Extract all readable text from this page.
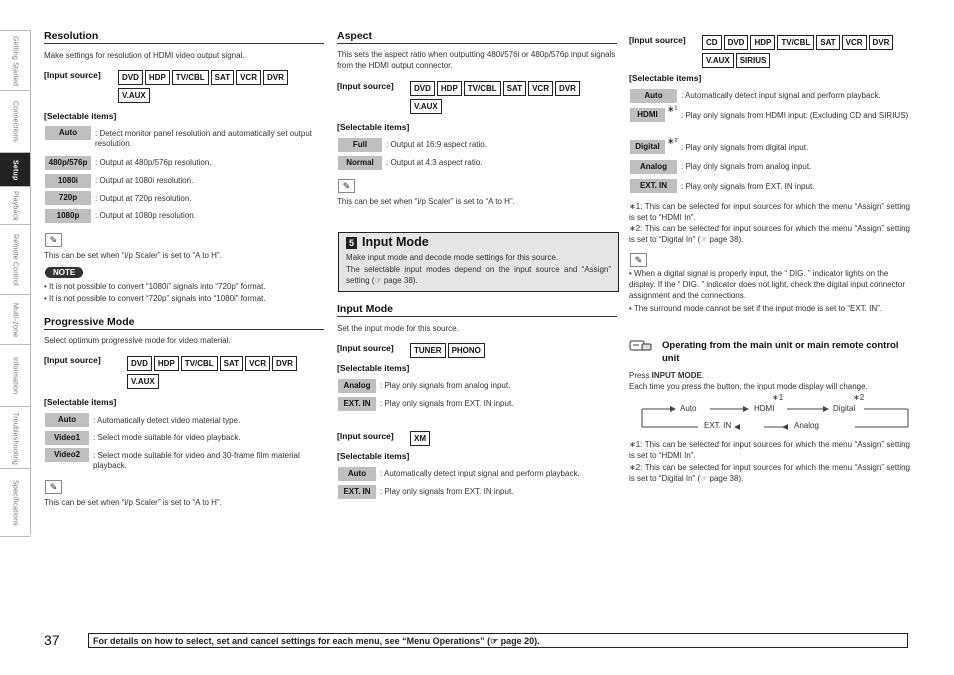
Getting Started
Connections
Setup
Playback
Remote Control
Multi-zone
Information
Troubleshooting
Specifications
Resolution
Make settings for resolution of HDMI video output signal.
[Input source]	DVD HDP TV/CBL SAT VCR DVR
V.AUX
[Selectable items]
Auto	: Detect monitor panel resolution and automatically set output resolution.
480p/576p : Output at 480p/576p resolution.
1080i	: Output at 1080i resolution.
720p	: Output at 720p resolution.
1080p	: Output at 1080p resolution.
✎
This can be set when “i/p Scaler” is set to “A to H”.
NOTE
• It is not possible to convert “1080i” signals into “720p” format.
• It is not possible to convert “720p” signals into “1080i” format.
Progressive Mode
Select optimum progressive mode for video material.
[Input source]	DVD HDP TV/CBL SAT VCR DVR
V.AUX
[Selectable items]
Auto	: Automatically detect video material type.
Video1	: Select mode suitable for video playback.
Video2	: Select mode suitable for video and 30-frame film material playback.
✎
This can be set when “i/p Scaler” is set to “A to H”.
Aspect
This sets the aspect ratio when outputting 480i/576i or 480p/576p input signals from the HDMI output connector.
[Input source]	DVD HDP TV/CBL SAT VCR DVR
V.AUX
[Selectable items]
Full	: Output at 16:9 aspect ratio.
Normal	: Output at 4:3 aspect ratio.
✎
This can be set when “i/p Scaler” is set to “A to H”.
5 Input Mode
Make input mode and decode mode settings for this source.
The selectable input modes depend on the input source and “Assign” setting (☞ page 38).
Input Mode
Set the input mode for this source.
[Input source]	TUNER PHONO
[Selectable items]
Analog	: Play only signals from analog input.
EXT. IN	: Play only signals from EXT. IN input.
[Input source]	XM
[Selectable items]
Auto	: Automatically detect input signal and perform playback.
EXT. IN	: Play only signals from EXT. IN input.
[Input source]	CD DVD HDP TV/CBL SAT VCR DVR
V.AUX SIRIUS
[Selectable items]
Auto	: Automatically detect input signal and perform playback.
HDMI
∗¹
: Play only signals from HDMI input. (Excluding CD and SIRIUS)
Digital
∗²
: Play only signals from digital input.
Analog	: Play only signals from analog input.
EXT. IN	: Play only signals from EXT. IN input.
∗1: This can be selected for input sources for which the menu “Assign” setting is set to “HDMI In”.
∗2: This can be selected for input sources for which the menu “Assign” setting is set to “Digital In” (☞ page 38).
✎
• When a digital signal is properly input, the “ DIG. ” indicator lights on the display. If the “ DIG. ” indicator does not light, check the digital input connector assignment and the connections.
• The surround mode cannot be set if the input mode is set to “EXT. IN”.
Operating from the main unit or main remote control unit
Press INPUT MODE.
Each time you press the button, the input mode display will change.
Auto	HDMI	Digital
EXT. IN	Analog
∗1	∗2
∗1: This can be selected for input sources for which the menu “Assign” setting is set to “HDMI In”.
∗2: This can be selected for input sources for which the menu “Assign” setting is set to “Digital In” (☞ page 38).
37	For details on how to select, set and cancel settings for each menu, see “Menu Operations” (☞ page 20).
